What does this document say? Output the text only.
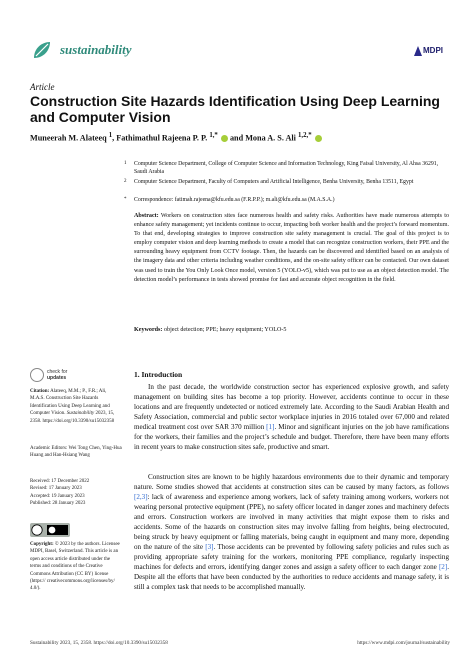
sustainability	MDPI
Article
Construction Site Hazards Identification Using Deep Learning and Computer Vision
Muneerah M. Alateeq $^1$, Fathimathul Rajeena P. P. $^{1,*}$ and Mona A. S. Ali $^{1,2,*}$
1 Computer Science Department, College of Computer Science and Information Technology, King Faisal University, Al Ahsa 36291, Saudi Arabia
2 Computer Science Department, Faculty of Computers and Artificial Intelligence, Benha University, Benha 13511, Egypt
* Correspondence: fatimah.rajeena@kfu.edu.sa (F.R.P.P.); m.ali@kfu.edu.sa (M.A.S.A.)
Abstract: Workers on construction sites face numerous health and safety risks. Authorities have made numerous attempts to enhance safety management; yet incidents continue to occur, impacting both worker health and the project’s forward momentum. To that end, developing strategies to improve construction site safety management is crucial. The goal of this project is to employ computer vision and deep learning methods to create a model that can recognize construction workers, their PPE and the surrounding heavy equipment from CCTV footage. Then, the hazards can be discovered and identified based on an analysis of the imagery data and other criteria including weather conditions, and the on-site safety officer can be contacted. Our own dataset was used to train the You Only Look Once model, version 5 (YOLO-v5), which was put to use as an object detection model. The detection model’s performance in tests showed promise for fast and accurate object recognition in the field.
Keywords: object detection; PPE; heavy equipment; YOLO-5
check for
updates
Citation: Alateeq, M.M.; P., F.R.; Ali, M.A.S. Construction Site Hazards Identification Using Deep Learning and Computer Vision. Sustainability 2023, 15, 2358. https://doi.org/10.3390/su15032358
Academic Editors: Wei Tong Chen, Ying-Hua Huang and Han-Hsiang Wang
Received: 17 December 2022
Revised: 17 January 2023
Accepted: 19 January 2023
Published: 28 January 2023
Copyright: © 2023 by the authors. Licensee MDPI, Basel, Switzerland. This article is an open access article distributed under the terms and conditions of the Creative Commons Attribution (CC BY) license (https:// creativecommons.org/licenses/by/ 4.0/).
1. Introduction

In the past decade, the worldwide construction sector has experienced explosive growth, and safety management on building sites has become a top priority. However, accidents continue to occur in these locations and are frequently undetected or noticed extremely late. According to the Saudi Arabian Health and Safety Association, commercial and public sector workplace injuries in 2016 totaled over 67,000 and related medical treatment cost over SAR 370 million [1]. Minor and significant injuries on the job have ramifications for the workers, their families and the project’s schedule and budget. Therefore, there have been many efforts in recent years to make construction sites safe, productive and smart.

Construction sites are known to be highly hazardous environments due to their dynamic and temporary nature. Some studies showed that accidents at construction sites can be caused by many factors, as follows [2,3]: lack of awareness and experience among workers, lack of safety training among workers, workers not wearing personal protective equipment (PPE), no safety officer located in danger zones and machinery defects and errors. Construction workers are involved in many activities that might expose them to risks and accidents. Some of the hazards on construction sites may involve falling from heights, being electrocuted, being struck by heavy equipment or falling materials, being caught in equipment and many more, depending on the nature of the site [3]. Those accidents can be prevented by following safety policies and rules such as providing appropriate safety training for the workers, monitoring PPE compliance, regularly inspecting machines for defects and errors, identifying danger zones and assign a safety officer to each danger zone [2]. Despite all the efforts that have been conducted by the authorities to reduce accidents and manage safety, it is still a complex task that needs to be accomplished manually.

Sustainability 2023, 15, 2358. https://doi.org/10.3390/su15032358	https://www.mdpi.com/journal/sustainability
